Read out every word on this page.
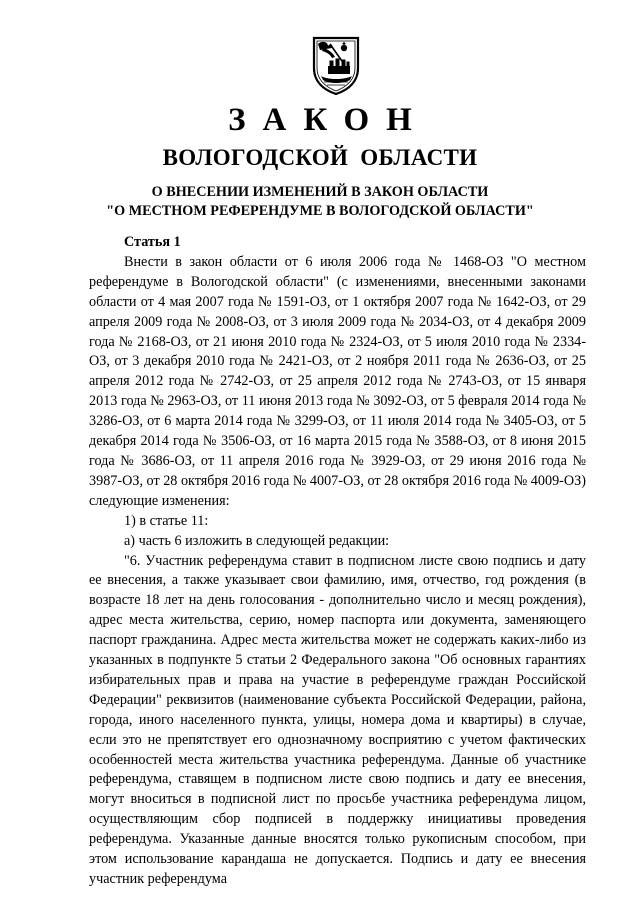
ЗАКОН
ВОЛОГОДСКОЙ  ОБЛАСТИ
О ВНЕСЕНИИ ИЗМЕНЕНИЙ В ЗАКОН ОБЛАСТИ
"О МЕСТНОМ РЕФЕРЕНДУМЕ В ВОЛОГОДСКОЙ ОБЛАСТИ"

Статья 1

Внести в закон области от 6 июля 2006 года № 1468-ОЗ "О местном референдуме в Вологодской области" (с изменениями, внесенными законами области от 4 мая 2007 года № 1591-ОЗ, от 1 октября 2007 года № 1642-ОЗ, от 29 апреля 2009 года № 2008-ОЗ, от 3 июля 2009 года № 2034-ОЗ, от 4 декабря 2009 года № 2168-ОЗ, от 21 июня 2010 года № 2324-ОЗ, от 5 июля 2010 года № 2334-ОЗ, от 3 декабря 2010 года № 2421-ОЗ, от 2 ноября 2011 года № 2636-ОЗ, от 25 апреля 2012 года № 2742-ОЗ, от 25 апреля 2012 года № 2743-ОЗ, от 15 января 2013 года № 2963-ОЗ, от 11 июня 2013 года № 3092-ОЗ, от 5 февраля 2014 года № 3286-ОЗ, от 6 марта 2014 года № 3299-ОЗ, от 11 июля 2014 года № 3405-ОЗ, от 5 декабря 2014 года № 3506-ОЗ, от 16 марта 2015 года № 3588-ОЗ, от 8 июня 2015 года № 3686-ОЗ, от 11 апреля 2016 года № 3929-ОЗ, от 29 июня 2016 года № 3987-ОЗ, от 28 октября 2016 года № 4007-ОЗ, от 28 октября 2016 года № 4009-ОЗ) следующие изменения:

1) в статье 11:

а) часть 6 изложить в следующей редакции:

"6. Участник референдума ставит в подписном листе свою подпись и дату ее внесения, а также указывает свои фамилию, имя, отчество, год рождения (в возрасте 18 лет на день голосования - дополнительно число и месяц рождения), адрес места жительства, серию, номер паспорта или документа, заменяющего паспорт гражданина. Адрес места жительства может не содержать каких-либо из указанных в подпункте 5 статьи 2 Федерального закона "Об основных гарантиях избирательных прав и права на участие в референдуме граждан Российской Федерации" реквизитов (наименование субъекта Российской Федерации, района, города, иного населенного пункта, улицы, номера дома и квартиры) в случае, если это не препятствует его однозначному восприятию с учетом фактических особенностей места жительства участника референдума. Данные об участнике референдума, ставящем в подписном листе свою подпись и дату ее внесения, могут вноситься в подписной лист по просьбе участника референдума лицом, осуществляющим сбор подписей в поддержку инициативы проведения референдума. Указанные данные вносятся только рукописным способом, при этом использование карандаша не допускается. Подпись и дату ее внесения участник референдума
